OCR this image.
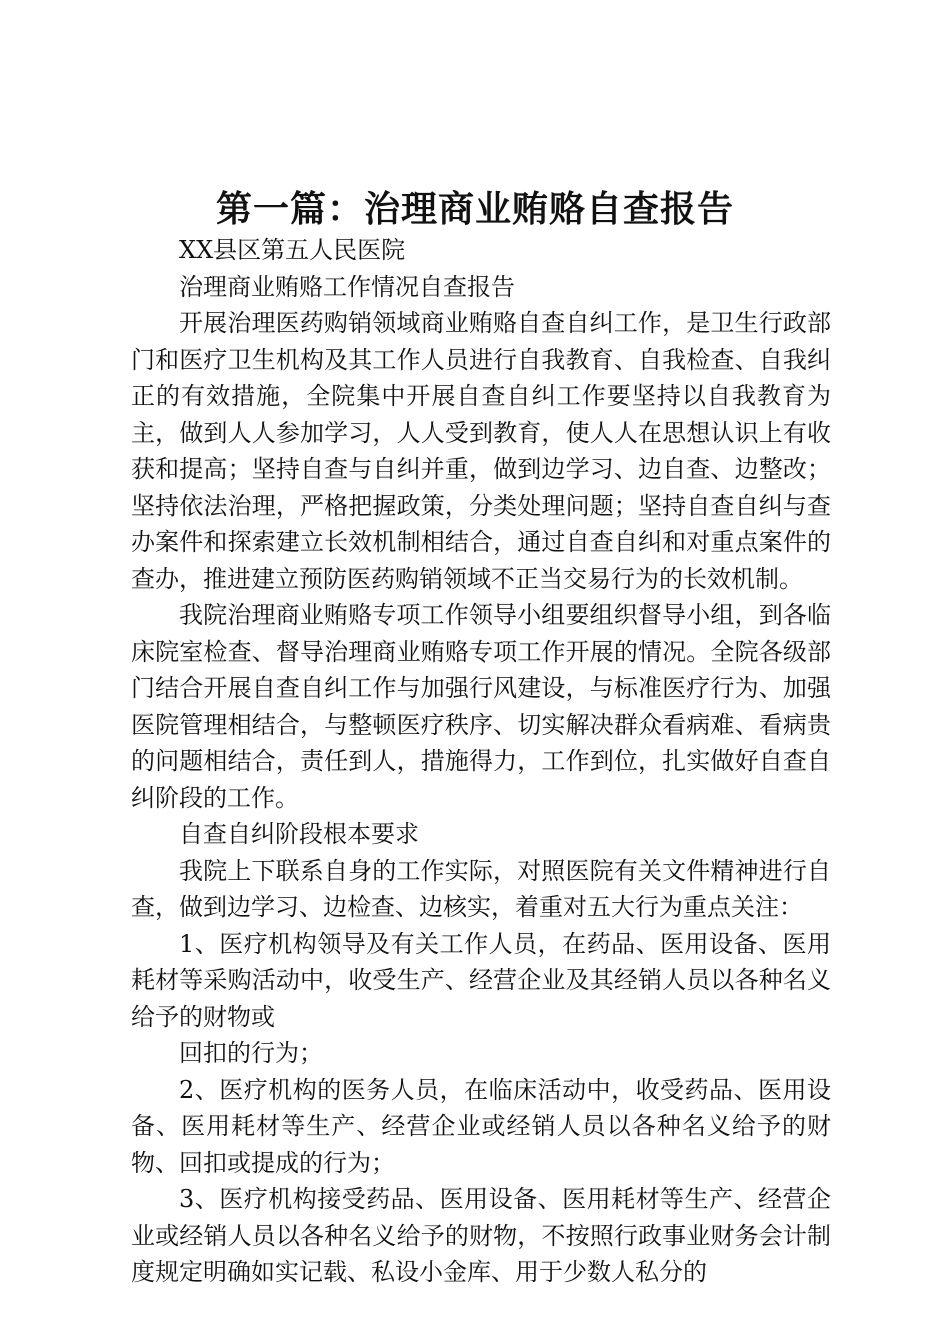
第一篇：治理商业贿赂自查报告

XX县区第五人民医院

治理商业贿赂工作情况自查报告

开展治理医药购销领域商业贿赂自查自纠工作，是卫生行政部门和医疗卫生机构及其工作人员进行自我教育、自我检查、自我纠正的有效措施，全院集中开展自查自纠工作要坚持以自我教育为主，做到人人参加学习，人人受到教育，使人人在思想认识上有收获和提高；坚持自查与自纠并重，做到边学习、边自查、边整改；坚持依法治理，严格把握政策，分类处理问题；坚持自查自纠与查办案件和探索建立长效机制相结合，通过自查自纠和对重点案件的查办，推进建立预防医药购销领域不正当交易行为的长效机制。

我院治理商业贿赂专项工作领导小组要组织督导小组，到各临床院室检查、督导治理商业贿赂专项工作开展的情况。全院各级部门结合开展自查自纠工作与加强行风建设，与标准医疗行为、加强医院管理相结合，与整顿医疗秩序、切实解决群众看病难、看病贵的问题相结合，责任到人，措施得力，工作到位，扎实做好自查自纠阶段的工作。

自查自纠阶段根本要求

我院上下联系自身的工作实际，对照医院有关文件精神进行自查，做到边学习、边检查、边核实，着重对五大行为重点关注：

1、医疗机构领导及有关工作人员，在药品、医用设备、医用耗材等采购活动中，收受生产、经营企业及其经销人员以各种名义给予的财物或

回扣的行为；

2、医疗机构的医务人员，在临床活动中，收受药品、医用设备、医用耗材等生产、经营企业或经销人员以各种名义给予的财物、回扣或提成的行为；

3、医疗机构接受药品、医用设备、医用耗材等生产、经营企业或经销人员以各种名义给予的财物，不按照行政事业财务会计制度规定明确如实记载、私设小金库、用于少数人私分的
